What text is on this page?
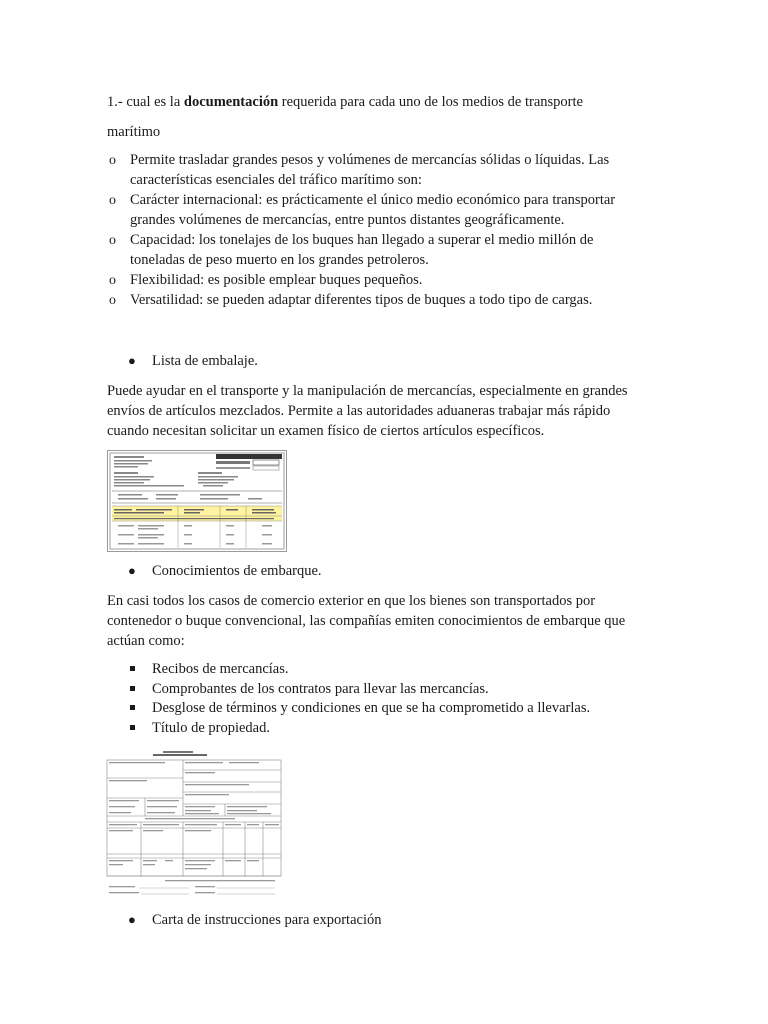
1.- cual es la documentación requerida para cada uno de los medios de transporte
marítimo
o Permite trasladar grandes pesos y volúmenes de mercancías sólidas o líquidas. Las
características esenciales del tráfico marítimo son:
o Carácter internacional: es prácticamente el único medio económico para transportar
grandes volúmenes de mercancías, entre puntos distantes geográficamente.
o Capacidad: los tonelajes de los buques han llegado a superar el medio millón de
toneladas de peso muerto en los grandes petroleros.
o Flexibilidad: es posible emplear buques pequeños.
o Versatilidad: se pueden adaptar diferentes tipos de buques a todo tipo de cargas.
● Lista de embalaje.
Puede ayudar en el transporte y la manipulación de mercancías, especialmente en grandes
envíos de artículos mezclados. Permite a las autoridades aduaneras trabajar más rápido
cuando necesitan solicitar un examen físico de ciertos artículos específicos.
● Conocimientos de embarque.
En casi todos los casos de comercio exterior en que los bienes son transportados por
contenedor o buque convencional, las compañías emiten conocimientos de embarque que
actúan como:
Recibos de mercancías.
Comprobantes de los contratos para llevar las mercancías.
Desglose de términos y condiciones en que se ha comprometido a llevarlas.
Título de propiedad.
● Carta de instrucciones para exportación
